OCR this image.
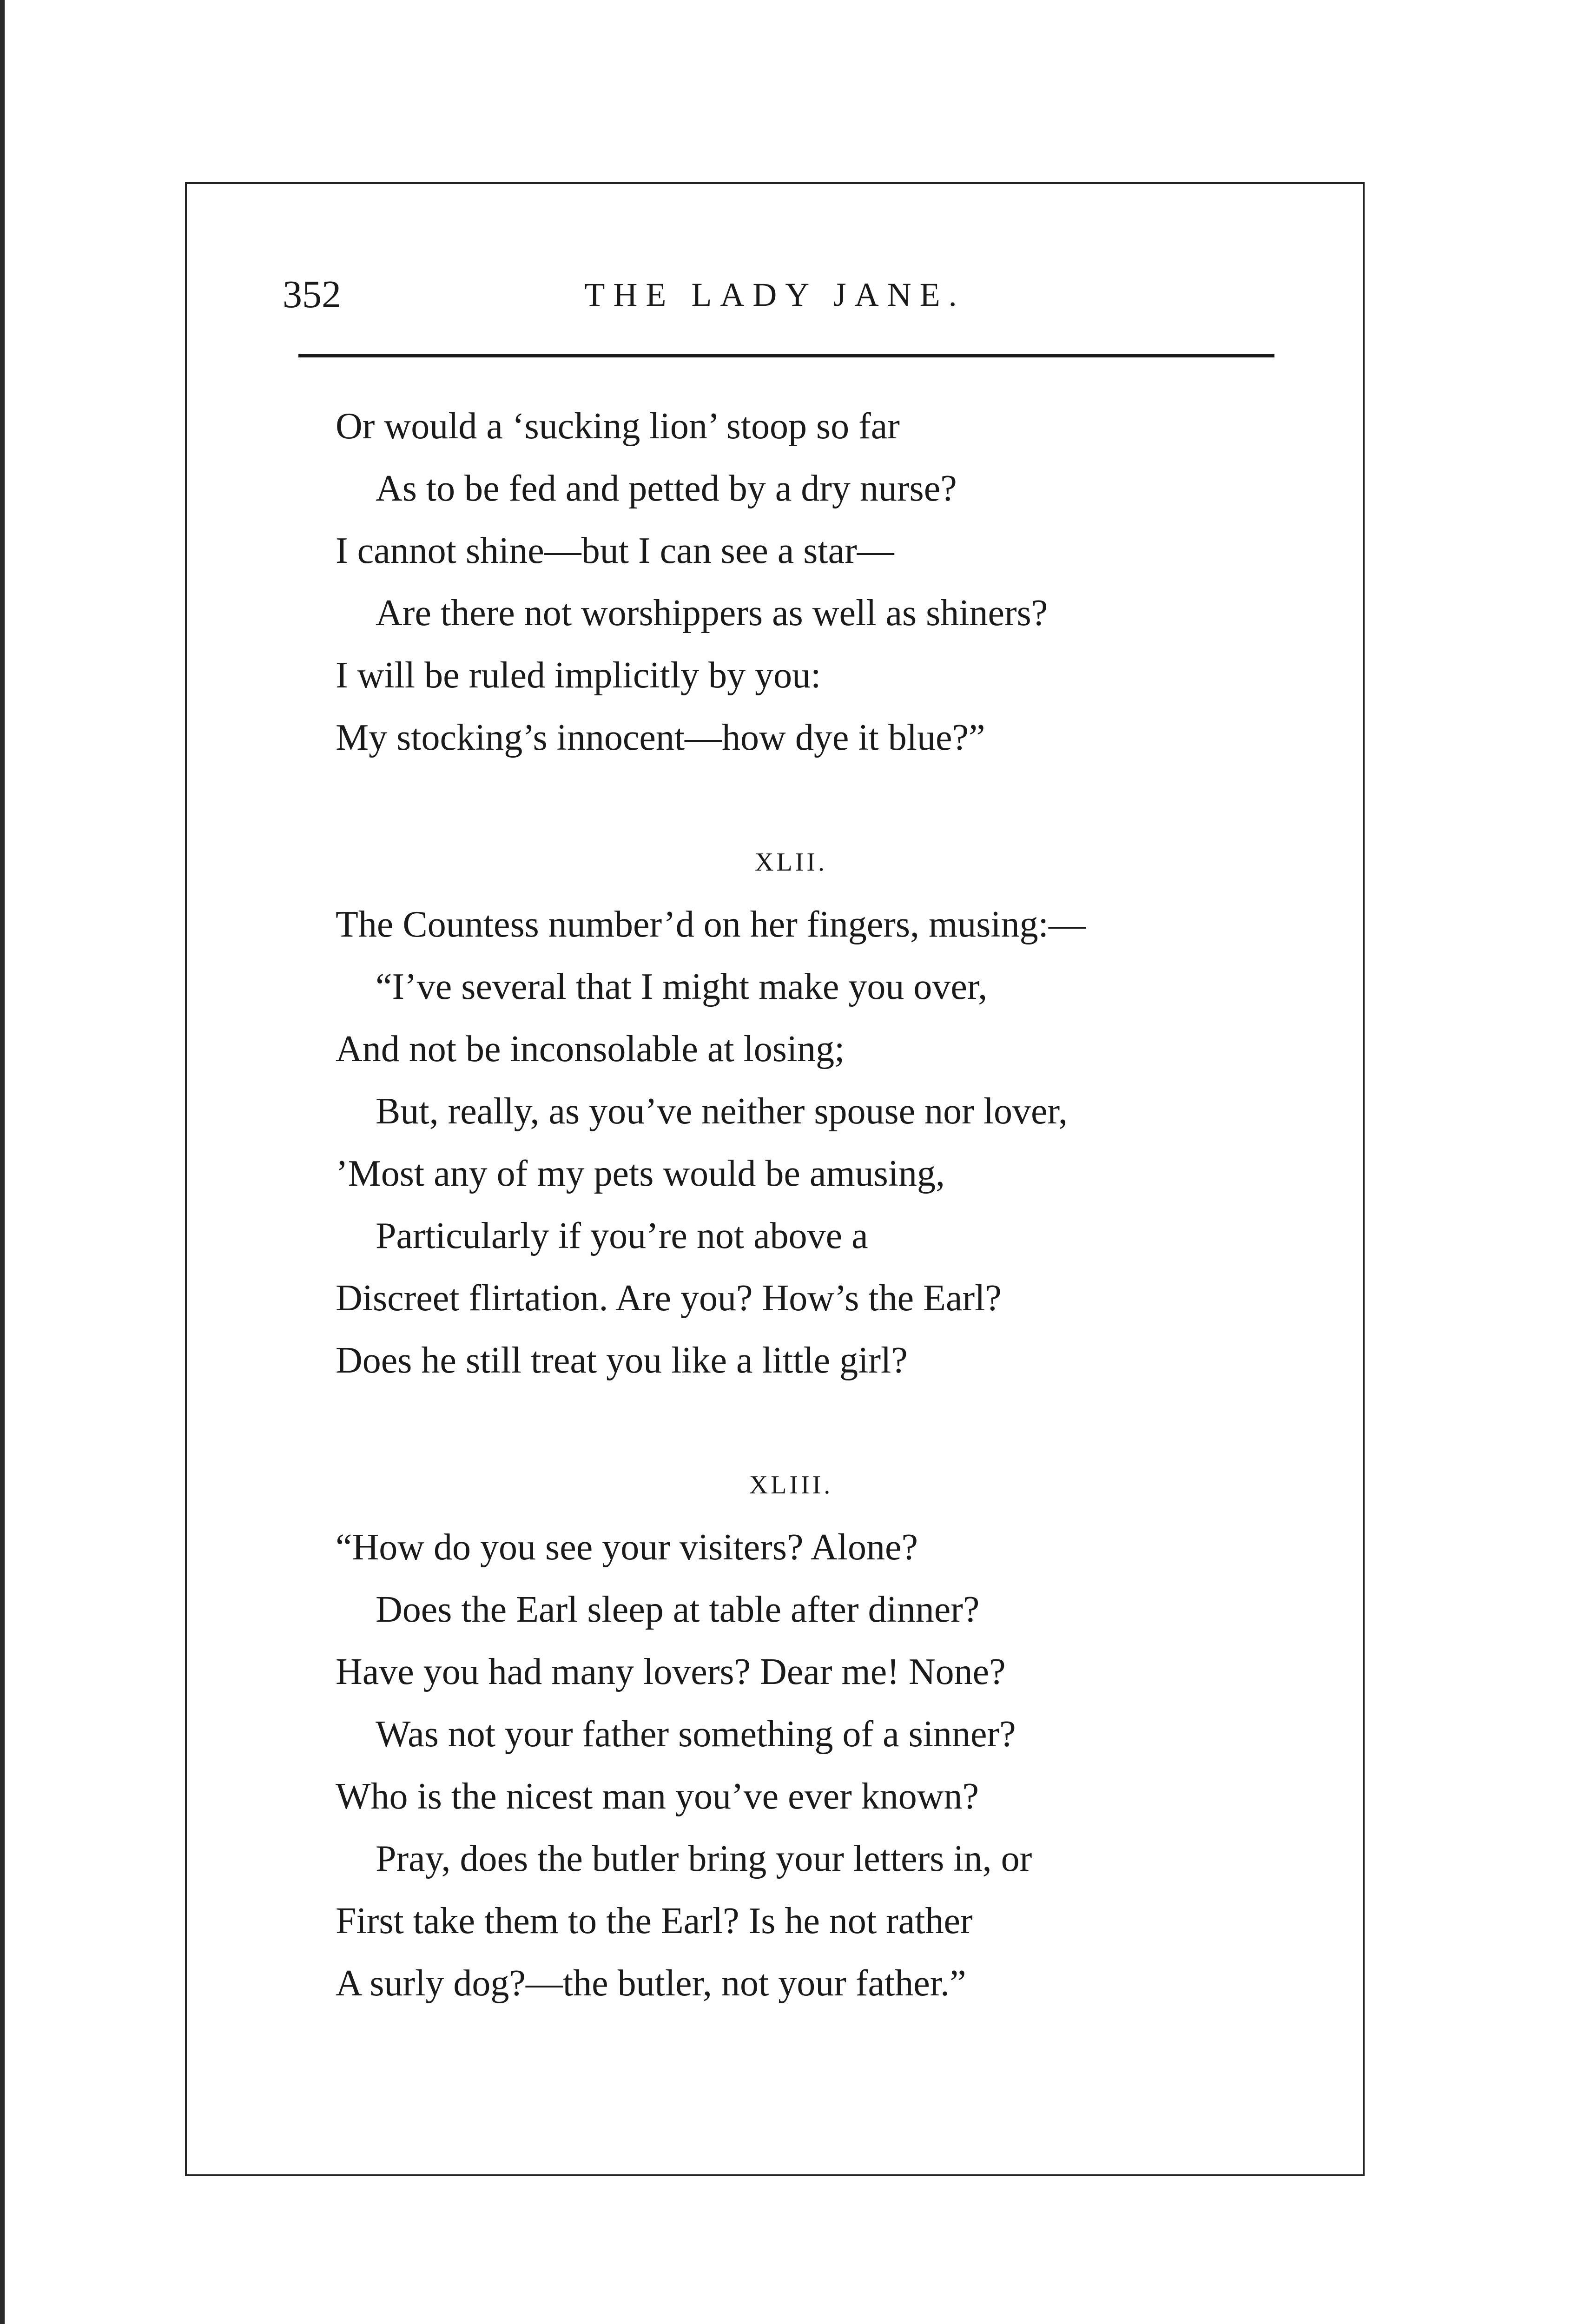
352	THE LADY JANE.
Or would a ‘sucking lion’ stoop so far
As to be fed and petted by a dry nurse?
I cannot shine—but I can see a star—
Are there not worshippers as well as shiners?
I will be ruled implicitly by you:
My stocking’s innocent—how dye it blue?”
XLII.
The Countess number’d on her fingers, musing:—
“I’ve several that I might make you over,
And not be inconsolable at losing;
But, really, as you’ve neither spouse nor lover,
’Most any of my pets would be amusing,
Particularly if you’re not above a
Discreet flirtation. Are you? How’s the Earl?
Does he still treat you like a little girl?
XLIII.
“How do you see your visiters? Alone?
Does the Earl sleep at table after dinner?
Have you had many lovers? Dear me! None?
Was not your father something of a sinner?
Who is the nicest man you’ve ever known?
Pray, does the butler bring your letters in, or
First take them to the Earl? Is he not rather
A surly dog?—the butler, not your father.”
